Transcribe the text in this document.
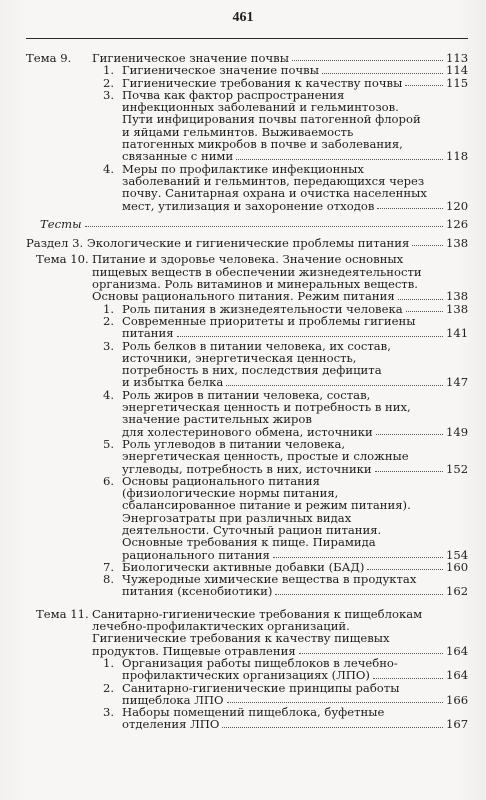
461
Тема 9.	Гигиеническое значение почвы	113
1. Гигиеническое значение почвы	114
2. Гигиенические требования к качеству почвы	115
3. Почва как фактор распространения
инфекционных заболеваний и гельминтозов.
Пути инфицирования почвы патогенной флорой
и яйцами гельминтов. Выживаемость
патогенных микробов в почве и заболевания,
связанные с ними	118
4. Меры по профилактике инфекционных
заболеваний и гельминтов, передающихся через
почву. Санитарная охрана и очистка населенных
мест, утилизация и захоронение отходов	120
Тесты	126
Раздел 3. Экологические и гигиенические проблемы питания	138
Тема 10. Питание и здоровье человека. Значение основных
пищевых веществ в обеспечении жизнедеятельности
организма. Роль витаминов и минеральных веществ.
Основы рационального питания. Режим питания	138
1. Роль питания в жизнедеятельности человека	138
2. Современные приоритеты и проблемы гигиены
питания	141
3. Роль белков в питании человека, их состав,
источники, энергетическая ценность,
потребность в них, последствия дефицита
и избытка белка	147
4. Роль жиров в питании человека, состав,
энергетическая ценность и потребность в них,
значение растительных жиров
для холестеринового обмена, источники	149
5. Роль углеводов в питании человека,
энергетическая ценность, простые и сложные
углеводы, потребность в них, источники	152
6. Основы рационального питания
(физиологические нормы питания,
сбалансированное питание и режим питания).
Энергозатраты при различных видах
деятельности. Суточный рацион питания.
Основные требования к пище. Пирамида
рационального питания	154
7. Биологически активные добавки (БАД)	160
8. Чужеродные химические вещества в продуктах
питания (ксенобиотики)	162
Тема 11. Санитарно-гигиенические требования к пищеблокам
лечебно-профилактических организаций.
Гигиенические требования к качеству пищевых
продуктов. Пищевые отравления	164
1. Организация работы пищеблоков в лечебно-
профилактических организациях (ЛПО)	164
2. Санитарно-гигиенические принципы работы
пищеблока ЛПО	166
3. Наборы помещений пищеблока, буфетные
отделения ЛПО	167
